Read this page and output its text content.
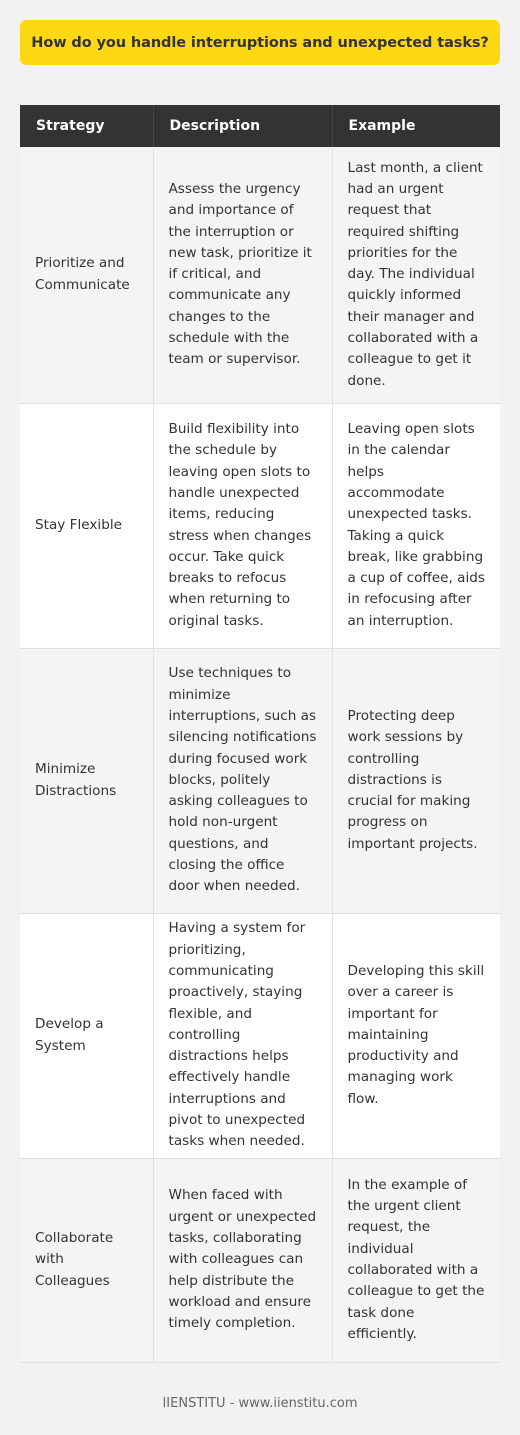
How do you handle interruptions and unexpected tasks?
Strategy	Description	Example
Prioritize and Communicate	Assess the urgency and importance of the interruption or new task, prioritize it if critical, and communicate any changes to the schedule with the team or supervisor.	Last month, a client had an urgent request that required shifting priorities for the day. The individual quickly informed their manager and collaborated with a colleague to get it done.
Stay Flexible	Build flexibility into the schedule by leaving open slots to handle unexpected items, reducing stress when changes occur. Take quick breaks to refocus when returning to original tasks.	Leaving open slots in the calendar helps accommodate unexpected tasks. Taking a quick break, like grabbing a cup of coffee, aids in refocusing after an interruption.
Minimize Distractions	Use techniques to minimize interruptions, such as silencing notifications during focused work blocks, politely asking colleagues to hold non-urgent questions, and closing the office door when needed.	Protecting deep work sessions by controlling distractions is crucial for making progress on important projects.
Develop a System	Having a system for prioritizing, communicating proactively, staying flexible, and controlling distractions helps effectively handle interruptions and pivot to unexpected tasks when needed.	Developing this skill over a career is important for maintaining productivity and managing work flow.
Collaborate with Colleagues	When faced with urgent or unexpected tasks, collaborating with colleagues can help distribute the workload and ensure timely completion.	In the example of the urgent client request, the individual collaborated with a colleague to get the task done efficiently.
IIENSTITU - www.iienstitu.com
